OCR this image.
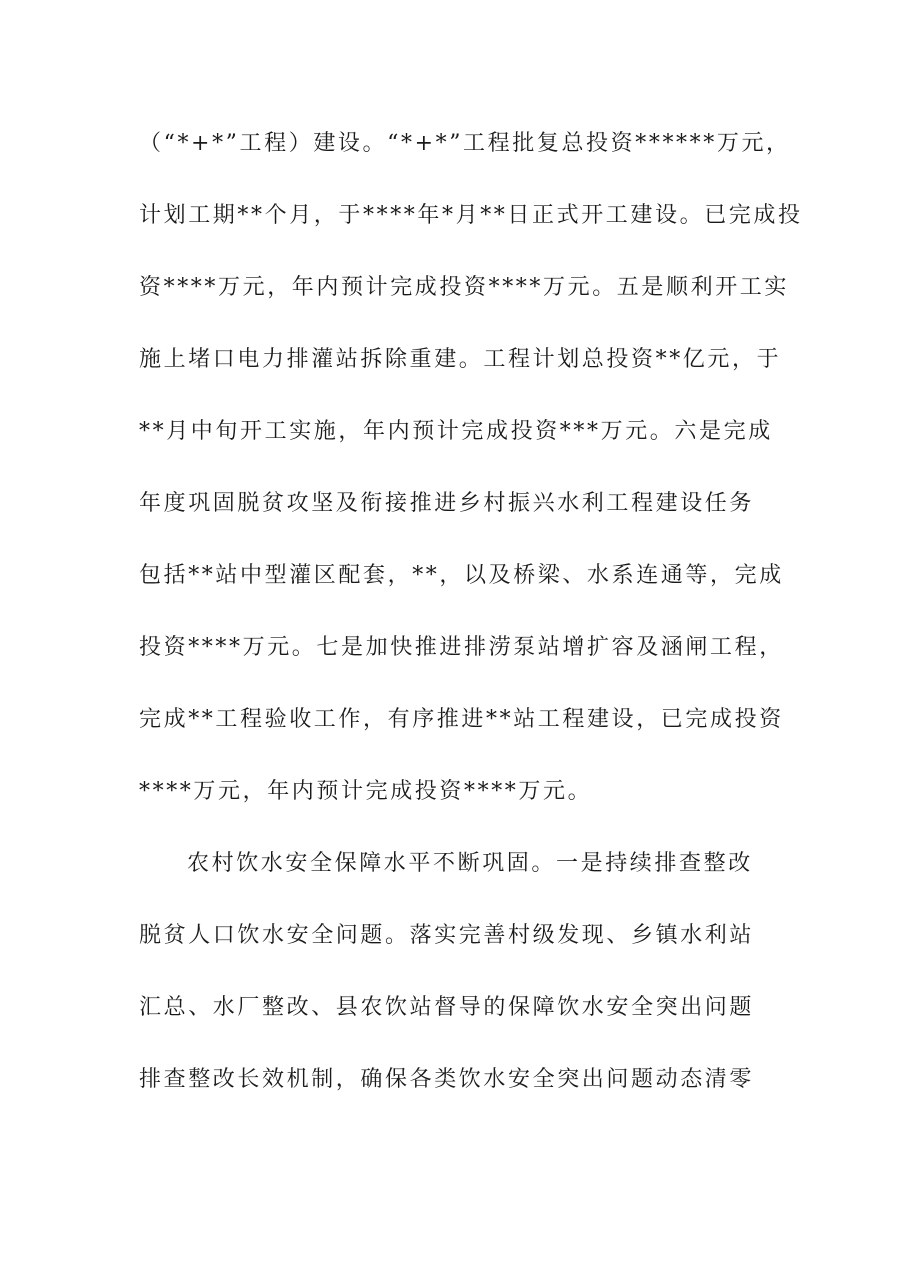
（“*+*”工程）建设。“*+*”工程批复总投资******万元，
计划工期**个月，于****年*月**日正式开工建设。已完成投
资****万元，年内预计完成投资****万元。五是顺利开工实
施上堵口电力排灌站拆除重建。工程计划总投资**亿元，于
**月中旬开工实施，年内预计完成投资***万元。六是完成
年度巩固脱贫攻坚及衔接推进乡村振兴水利工程建设任务
包括**站中型灌区配套，**，以及桥梁、水系连通等，完成
投资****万元。七是加快推进排涝泵站增扩容及涵闸工程，
完成**工程验收工作，有序推进**站工程建设，已完成投资
****万元，年内预计完成投资****万元。
农村饮水安全保障水平不断巩固。一是持续排查整改
脱贫人口饮水安全问题。落实完善村级发现、乡镇水利站
汇总、水厂整改、县农饮站督导的保障饮水安全突出问题
排查整改长效机制，确保各类饮水安全突出问题动态清零
